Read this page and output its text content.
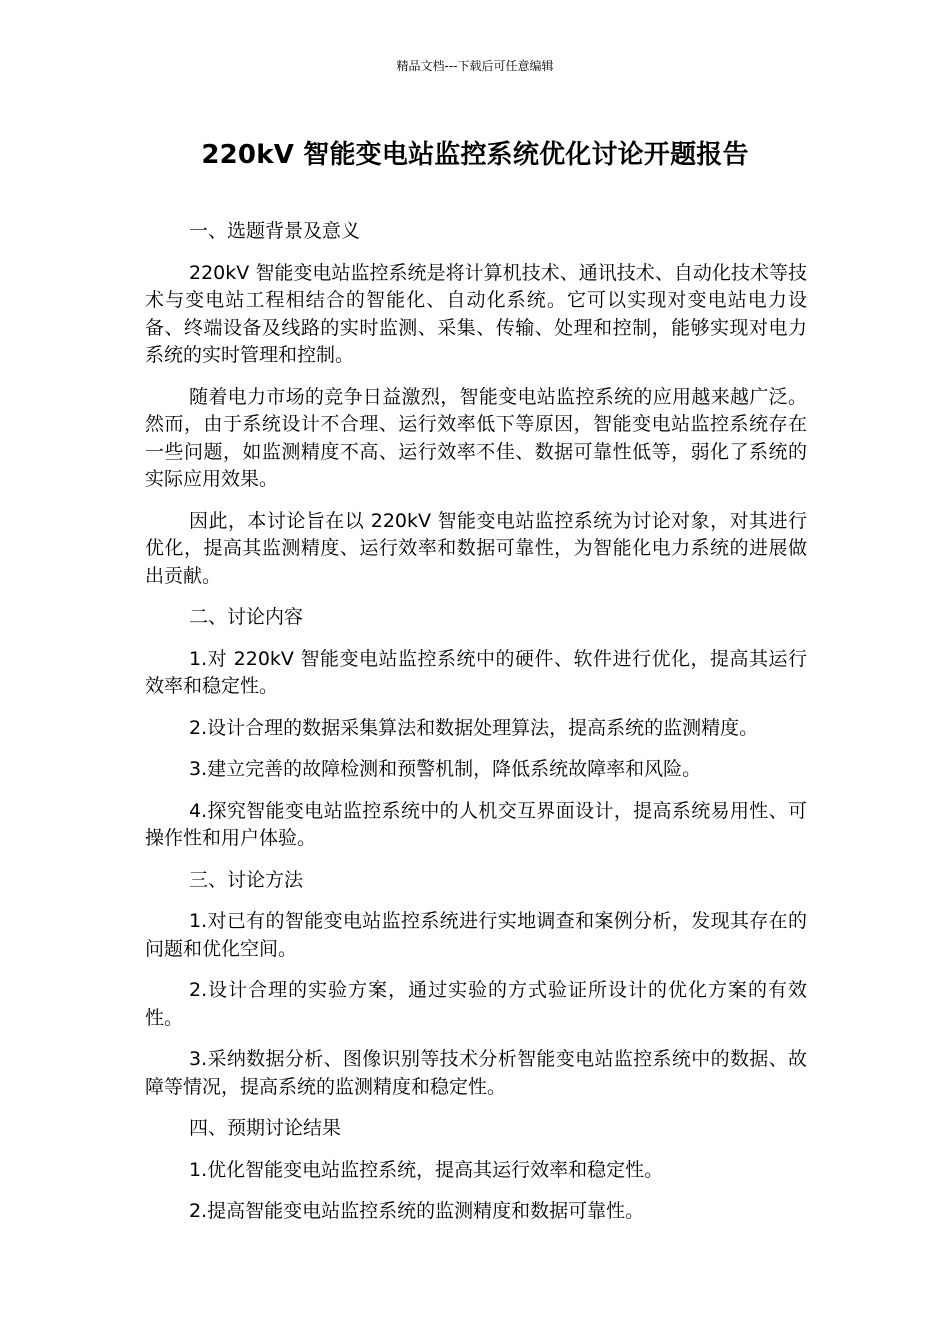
精品文档---下载后可任意编辑
220kV 智能变电站监控系统优化讨论开题报告

一、选题背景及意义

220kV 智能变电站监控系统是将计算机技术、通讯技术、自动化技术等技术与变电站工程相结合的智能化、自动化系统。它可以实现对变电站电力设备、终端设备及线路的实时监测、采集、传输、处理和控制，能够实现对电力系统的实时管理和控制。

随着电力市场的竞争日益激烈，智能变电站监控系统的应用越来越广泛。然而，由于系统设计不合理、运行效率低下等原因，智能变电站监控系统存在一些问题，如监测精度不高、运行效率不佳、数据可靠性低等，弱化了系统的实际应用效果。

因此，本讨论旨在以 220kV 智能变电站监控系统为讨论对象，对其进行优化，提高其监测精度、运行效率和数据可靠性，为智能化电力系统的进展做出贡献。

二、讨论内容

1.对 220kV 智能变电站监控系统中的硬件、软件进行优化，提高其运行效率和稳定性。

2.设计合理的数据采集算法和数据处理算法，提高系统的监测精度。

3.建立完善的故障检测和预警机制，降低系统故障率和风险。

4.探究智能变电站监控系统中的人机交互界面设计，提高系统易用性、可操作性和用户体验。

三、讨论方法

1.对已有的智能变电站监控系统进行实地调查和案例分析，发现其存在的问题和优化空间。

2.设计合理的实验方案，通过实验的方式验证所设计的优化方案的有效性。

3.采纳数据分析、图像识别等技术分析智能变电站监控系统中的数据、故障等情况，提高系统的监测精度和稳定性。

四、预期讨论结果

1.优化智能变电站监控系统，提高其运行效率和稳定性。

2.提高智能变电站监控系统的监测精度和数据可靠性。
